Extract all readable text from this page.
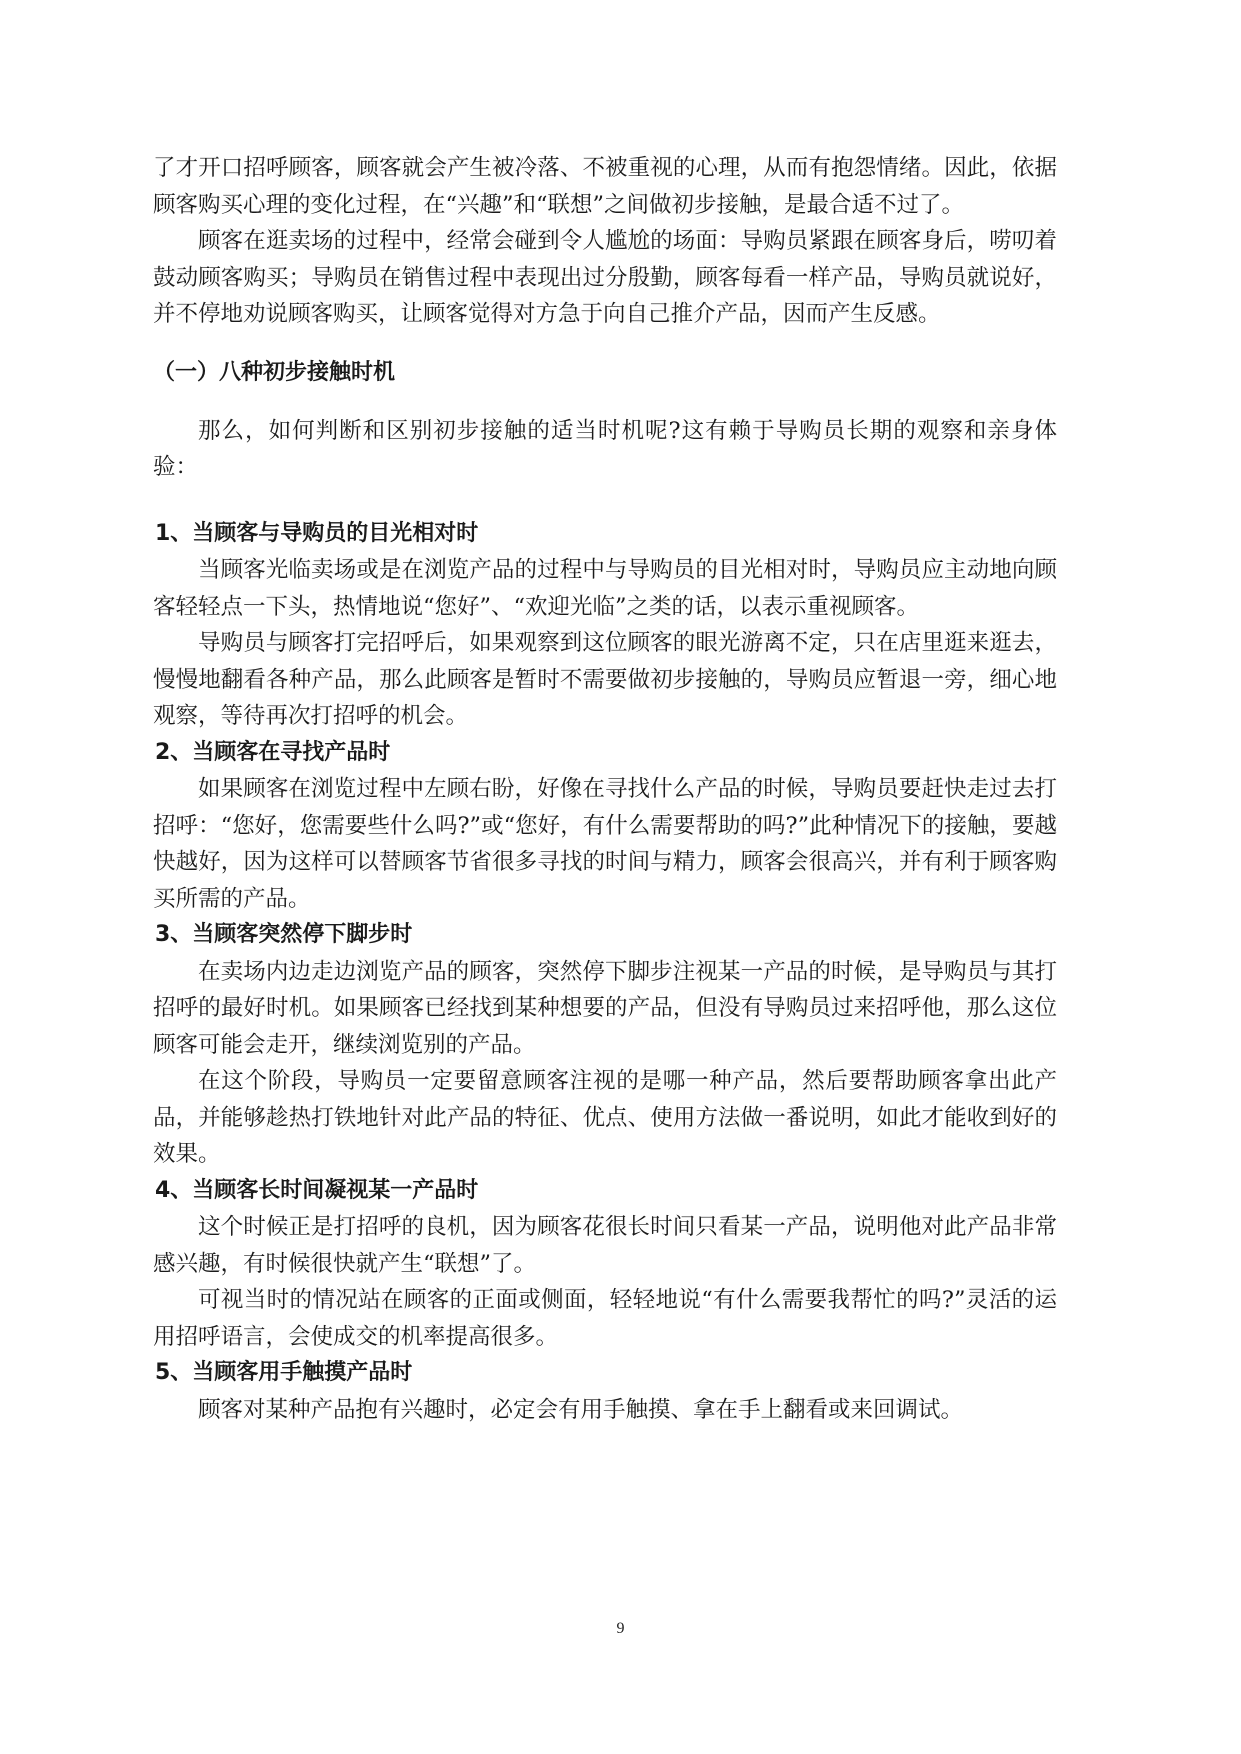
了才开口招呼顾客，顾客就会产生被冷落、不被重视的心理，从而有抱怨情绪。因此，依据顾客购买心理的变化过程，在“兴趣”和“联想”之间做初步接触，是最合适不过了。

顾客在逛卖场的过程中，经常会碰到令人尴尬的场面：导购员紧跟在顾客身后，唠叨着鼓动顾客购买；导购员在销售过程中表现出过分殷勤，顾客每看一样产品，导购员就说好，并不停地劝说顾客购买，让顾客觉得对方急于向自己推介产品，因而产生反感。

（一）八种初步接触时机

那么，如何判断和区别初步接触的适当时机呢?这有赖于导购员长期的观察和亲身体验：

1、当顾客与导购员的目光相对时

当顾客光临卖场或是在浏览产品的过程中与导购员的目光相对时，导购员应主动地向顾客轻轻点一下头，热情地说“您好”、“欢迎光临”之类的话，以表示重视顾客。

导购员与顾客打完招呼后，如果观察到这位顾客的眼光游离不定，只在店里逛来逛去，慢慢地翻看各种产品，那么此顾客是暂时不需要做初步接触的，导购员应暂退一旁，细心地观察，等待再次打招呼的机会。

2、当顾客在寻找产品时

如果顾客在浏览过程中左顾右盼，好像在寻找什么产品的时候，导购员要赶快走过去打招呼：“您好，您需要些什么吗?”或“您好，有什么需要帮助的吗?”此种情况下的接触，要越快越好，因为这样可以替顾客节省很多寻找的时间与精力，顾客会很高兴，并有利于顾客购买所需的产品。

3、当顾客突然停下脚步时

在卖场内边走边浏览产品的顾客，突然停下脚步注视某一产品的时候，是导购员与其打招呼的最好时机。如果顾客已经找到某种想要的产品，但没有导购员过来招呼他，那么这位顾客可能会走开，继续浏览别的产品。

在这个阶段，导购员一定要留意顾客注视的是哪一种产品，然后要帮助顾客拿出此产品，并能够趁热打铁地针对此产品的特征、优点、使用方法做一番说明，如此才能收到好的效果。

4、当顾客长时间凝视某一产品时

这个时候正是打招呼的良机，因为顾客花很长时间只看某一产品，说明他对此产品非常感兴趣，有时候很快就产生“联想”了。

可视当时的情况站在顾客的正面或侧面，轻轻地说“有什么需要我帮忙的吗?”灵活的运用招呼语言，会使成交的机率提高很多。

5、当顾客用手触摸产品时

顾客对某种产品抱有兴趣时，必定会有用手触摸、拿在手上翻看或来回调试。

9
